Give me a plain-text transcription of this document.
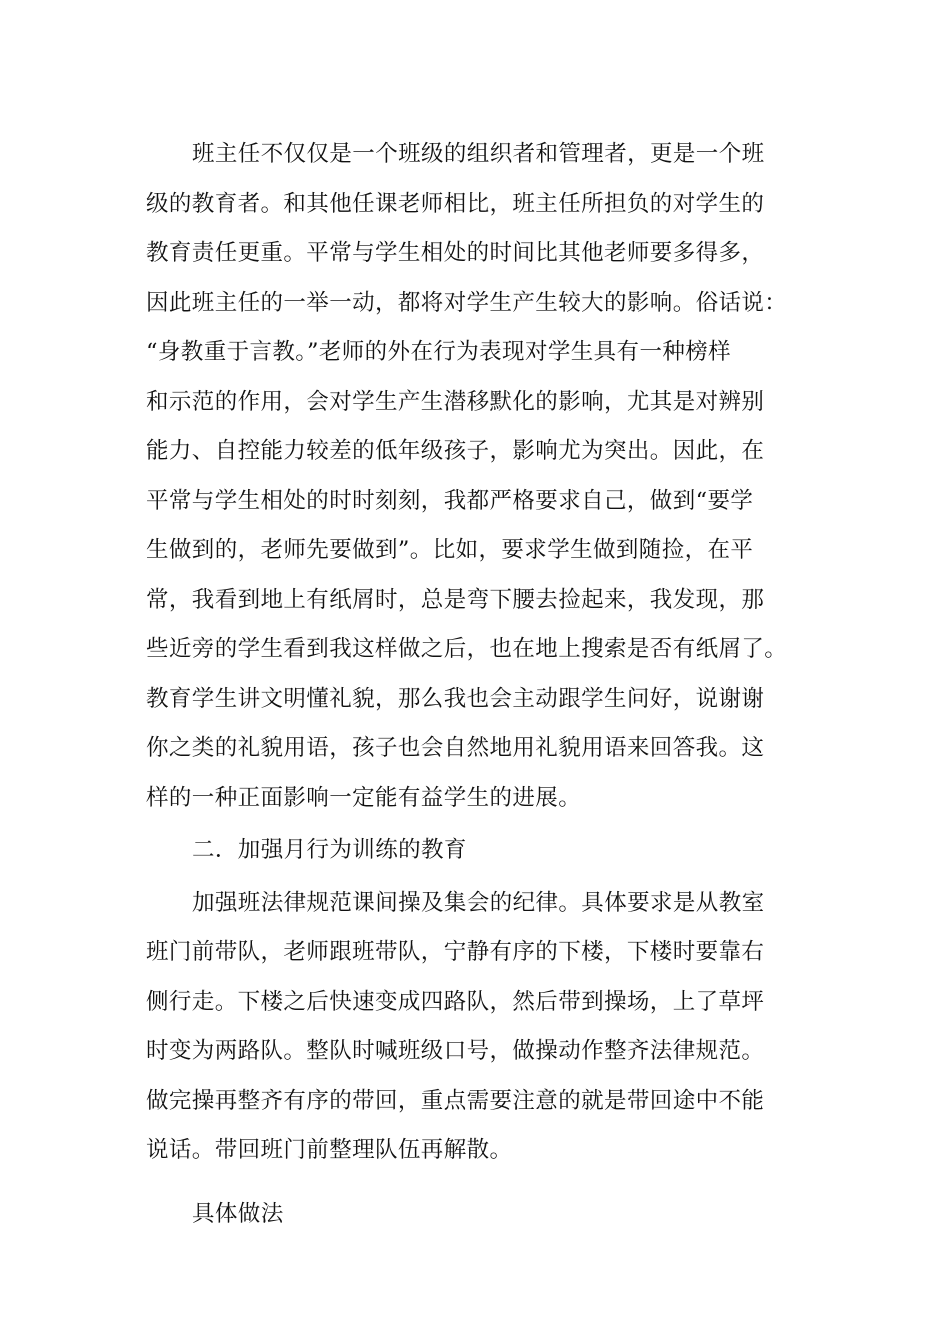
班主任不仅仅是一个班级的组织者和管理者，更是一个班
级的教育者。和其他任课老师相比，班主任所担负的对学生的
教育责任更重。平常与学生相处的时间比其他老师要多得多，
因此班主任的一举一动，都将对学生产生较大的影响。俗话说：
“身教重于言教。”老师的外在行为表现对学生具有一种榜样
和示范的作用，会对学生产生潜移默化的影响，尤其是对辨别
能力、自控能力较差的低年级孩子，影响尤为突出。因此，在
平常与学生相处的时时刻刻，我都严格要求自己，做到“要学
生做到的，老师先要做到”。比如，要求学生做到随捡，在平
常，我看到地上有纸屑时，总是弯下腰去捡起来，我发现，那
些近旁的学生看到我这样做之后，也在地上搜索是否有纸屑了。
教育学生讲文明懂礼貌，那么我也会主动跟学生问好，说谢谢
你之类的礼貌用语，孩子也会自然地用礼貌用语来回答我。这
样的一种正面影响一定能有益学生的进展。
二．加强月行为训练的教育
加强班法律规范课间操及集会的纪律。具体要求是从教室
班门前带队，老师跟班带队，宁静有序的下楼，下楼时要靠右
侧行走。下楼之后快速变成四路队，然后带到操场，上了草坪
时变为两路队。整队时喊班级口号，做操动作整齐法律规范。
做完操再整齐有序的带回，重点需要注意的就是带回途中不能
说话。带回班门前整理队伍再解散。
具体做法
